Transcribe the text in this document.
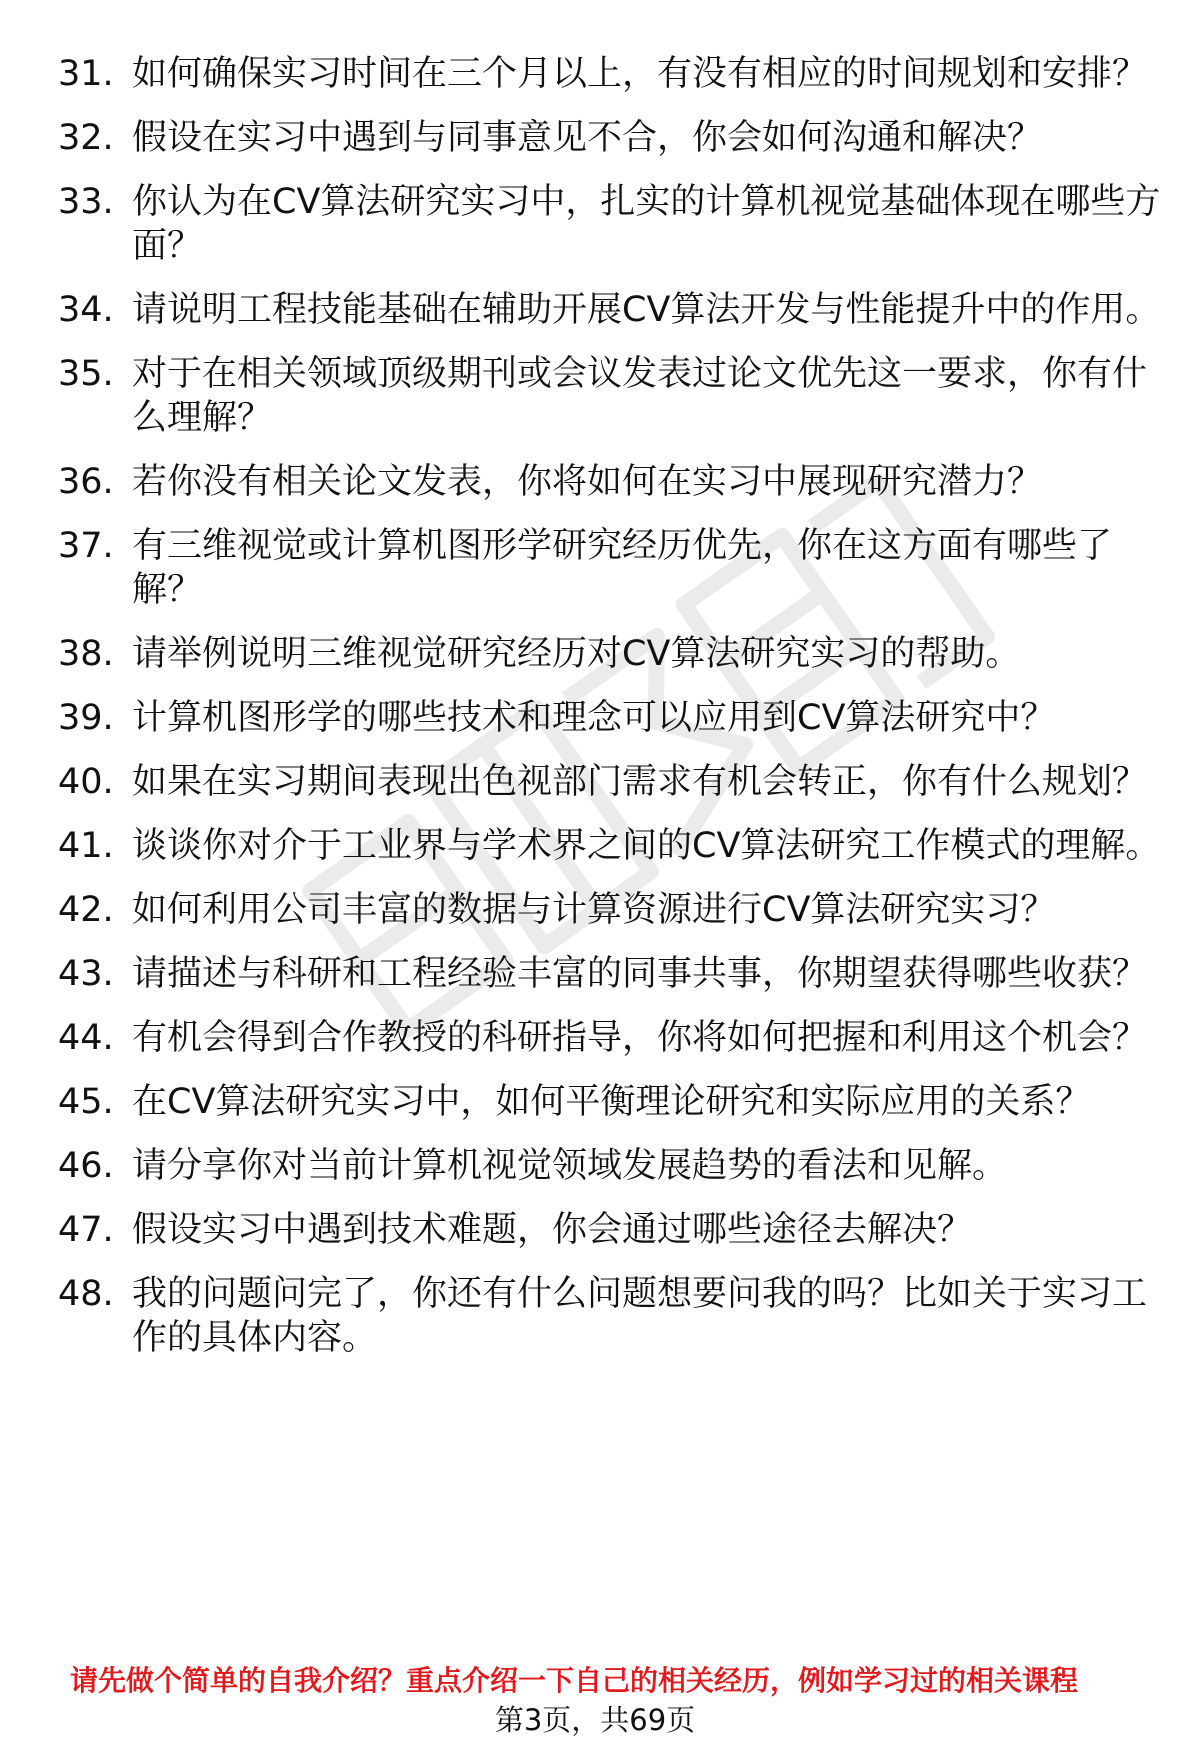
31. 如何确保实习时间在三个月以上，有没有相应的时间规划和安排？
32. 假设在实习中遇到与同事意见不合，你会如何沟通和解决？
33. 你认为在CV算法研究实习中，扎实的计算机视觉基础体现在哪些方面？
34. 请说明工程技能基础在辅助开展CV算法开发与性能提升中的作用。
35. 对于在相关领域顶级期刊或会议发表过论文优先这一要求，你有什么理解？
36. 若你没有相关论文发表，你将如何在实习中展现研究潜力？
37. 有三维视觉或计算机图形学研究经历优先，你在这方面有哪些了解？
38. 请举例说明三维视觉研究经历对CV算法研究实习的帮助。
39. 计算机图形学的哪些技术和理念可以应用到CV算法研究中？
40. 如果在实习期间表现出色视部门需求有机会转正，你有什么规划？
41. 谈谈你对介于工业界与学术界之间的CV算法研究工作模式的理解。
42. 如何利用公司丰富的数据与计算资源进行CV算法研究实习？
43. 请描述与科研和工程经验丰富的同事共事，你期望获得哪些收获？
44. 有机会得到合作教授的科研指导，你将如何把握和利用这个机会？
45. 在CV算法研究实习中，如何平衡理论研究和实际应用的关系？
46. 请分享你对当前计算机视觉领域发展趋势的看法和见解。
47. 假设实习中遇到技术难题，你会通过哪些途径去解决？
48. 我的问题问完了，你还有什么问题想要问我的吗？比如关于实习工作的具体内容。
请先做个简单的自我介绍？重点介绍一下自己的相关经历，例如学习过的相关课程
第3页，共69页
